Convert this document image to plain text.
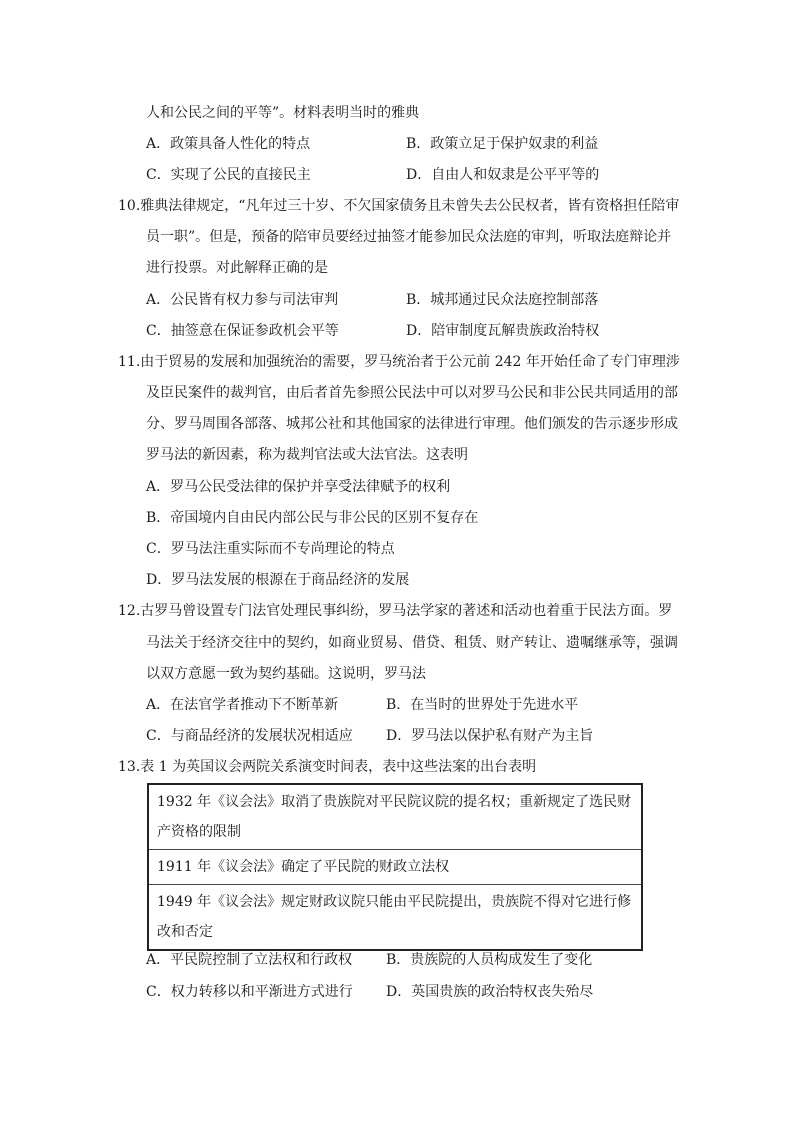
人和公民之间的平等”。材料表明当时的雅典
A．政策具备人性化的特点	B．政策立足于保护奴隶的利益
C．实现了公民的直接民主	D．自由人和奴隶是公平平等的
10.雅典法律规定，“凡年过三十岁、不欠国家债务且未曾失去公民权者，皆有资格担任陪审
员一职”。但是，预备的陪审员要经过抽签才能参加民众法庭的审判，听取法庭辩论并
进行投票。对此解释正确的是
A．公民皆有权力参与司法审判	B．城邦通过民众法庭控制部落
C．抽签意在保证参政机会平等	D．陪审制度瓦解贵族政治特权
11.由于贸易的发展和加强统治的需要，罗马统治者于公元前 242 年开始任命了专门审理涉
及臣民案件的裁判官，由后者首先参照公民法中可以对罗马公民和非公民共同适用的部
分、罗马周围各部落、城邦公社和其他国家的法律进行审理。他们颁发的告示逐步形成
罗马法的新因素，称为裁判官法或大法官法。这表明
A．罗马公民受法律的保护并享受法律赋予的权利
B．帝国境内自由民内部公民与非公民的区别不复存在
C．罗马法注重实际而不专尚理论的特点
D．罗马法发展的根源在于商品经济的发展
12.古罗马曾设置专门法官处理民事纠纷，罗马法学家的著述和活动也着重于民法方面。罗
马法关于经济交往中的契约，如商业贸易、借贷、租赁、财产转让、遗嘱继承等，强调
以双方意愿一致为契约基础。这说明，罗马法
A．在法官学者推动下不断革新	B．在当时的世界处于先进水平
C．与商品经济的发展状况相适应 D．罗马法以保护私有财产为主旨
13.表 1 为英国议会两院关系演变时间表，表中这些法案的出台表明
1932 年《议会法》取消了贵族院对平民院议院的提名权；重新规定了选民财产资格的限制
1911 年《议会法》确定了平民院的财政立法权
1949 年《议会法》规定财政议院只能由平民院提出，贵族院不得对它进行修改和否定
A．平民院控制了立法权和行政权 B．贵族院的人员构成发生了变化
C．权力转移以和平渐进方式进行 D．英国贵族的政治特权丧失殆尽
